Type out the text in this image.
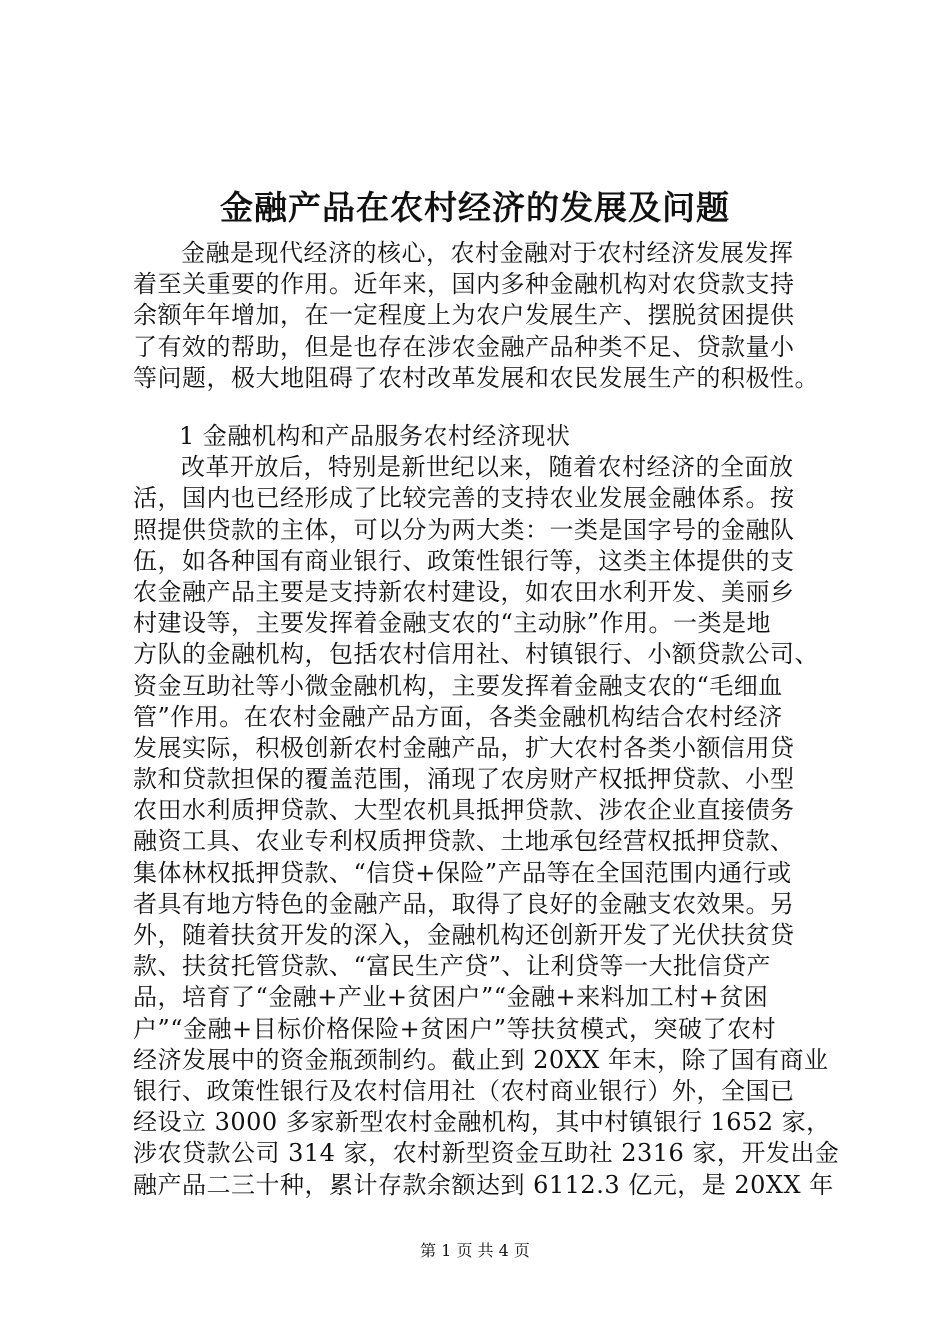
金融产品在农村经济的发展及问题
金融是现代经济的核心，农村金融对于农村经济发展发挥
着至关重要的作用。近年来，国内多种金融机构对农贷款支持
余额年年增加，在一定程度上为农户发展生产、摆脱贫困提供
了有效的帮助，但是也存在涉农金融产品种类不足、贷款量小
等问题，极大地阻碍了农村改革发展和农民发展生产的积极性。
1 金融机构和产品服务农村经济现状
改革开放后，特别是新世纪以来，随着农村经济的全面放
活，国内也已经形成了比较完善的支持农业发展金融体系。按
照提供贷款的主体，可以分为两大类：一类是国字号的金融队
伍，如各种国有商业银行、政策性银行等，这类主体提供的支
农金融产品主要是支持新农村建设，如农田水利开发、美丽乡
村建设等，主要发挥着金融支农的“主动脉”作用。一类是地
方队的金融机构，包括农村信用社、村镇银行、小额贷款公司、
资金互助社等小微金融机构，主要发挥着金融支农的“毛细血
管”作用。在农村金融产品方面，各类金融机构结合农村经济
发展实际，积极创新农村金融产品，扩大农村各类小额信用贷
款和贷款担保的覆盖范围，涌现了农房财产权抵押贷款、小型
农田水利质押贷款、大型农机具抵押贷款、涉农企业直接债务
融资工具、农业专利权质押贷款、土地承包经营权抵押贷款、
集体林权抵押贷款、“信贷+保险”产品等在全国范围内通行或
者具有地方特色的金融产品，取得了良好的金融支农效果。另
外，随着扶贫开发的深入，金融机构还创新开发了光伏扶贫贷
款、扶贫托管贷款、“富民生产贷”、让利贷等一大批信贷产
品，培育了“金融+产业+贫困户”“金融+来料加工村+贫困
户”“金融+目标价格保险+贫困户”等扶贫模式，突破了农村
经济发展中的资金瓶颈制约。截止到 20XX 年末，除了国有商业
银行、政策性银行及农村信用社（农村商业银行）外，全国已
经设立 3000 多家新型农村金融机构，其中村镇银行 1652 家，
涉农贷款公司 314 家，农村新型资金互助社 2316 家，开发出金
融产品二三十种，累计存款余额达到 6112.3 亿元，是 20XX 年
第 1 页 共 4 页
